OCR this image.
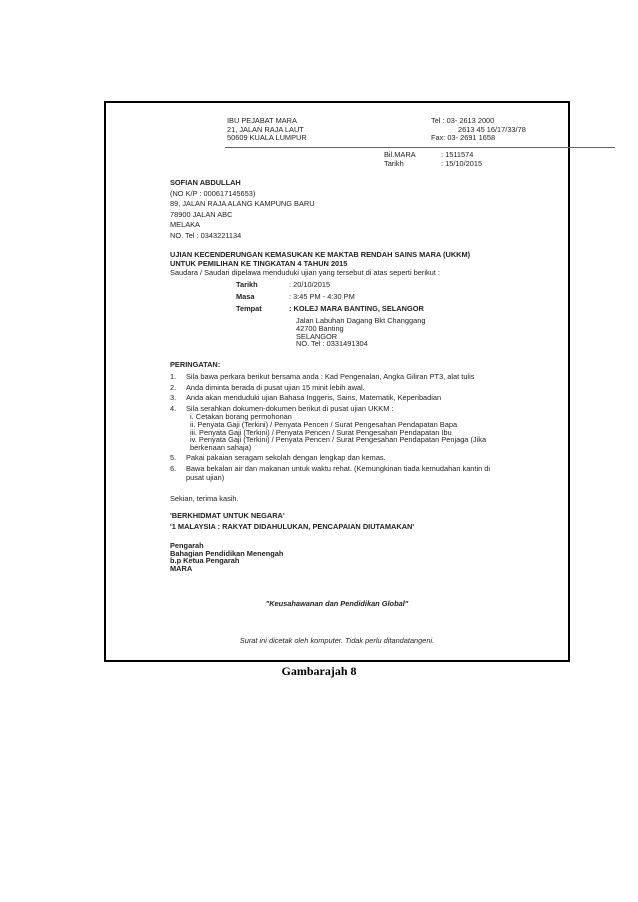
IBU PEJABAT MARA
21, JALAN RAJA LAUT
50609 KUALA LUMPUR
Tel : 03- 2613 2000
2613 45 16/17/33/78
Fax: 03- 2691 1658
Bil.MARA	: 1511574
Tarikh	: 15/10/2015
SOFIAN ABDULLAH
(NO K/P : 000617145653)
89, JALAN RAJA ALANG KAMPUNG BARU
78900 JALAN ABC
MELAKA
NO. Tel : 0343221134
UJIAN KECENDERUNGAN KEMASUKAN KE MAKTAB RENDAH SAINS MARA (UKKM)
UNTUK PEMILIHAN KE TINGKATAN 4 TAHUN 2015
Saudara / Saudari dipelawa menduduki ujian yang tersebut di atas seperti berikut :
Tarikh	: 20/10/2015
Masa	: 3:45 PM - 4:30 PM
Tempat	: KOLEJ MARA BANTING, SELANGOR
Jalan Labuhan Dagang Bkt Changgang
42700 Banting
SELANGOR
NO. Tel : 0331491304
PERINGATAN:
1.	Sila bawa perkara berikut bersama anda : Kad Pengenalan, Angka Giliran PT3, alat tulis
2.	Anda diminta berada di pusat ujian 15 minit lebih awal.
3.	Anda akan menduduki ujian Bahasa Inggeris, Sains, Matematik, Keperibadian
4.	Sila serahkan dokumen-dokumen berikut di pusat ujian UKKM :
i. Cetakan borang permohonan
ii. Penyata Gaji (Terkini) / Penyata Pencen / Surat Pengesahan Pendapatan Bapa
iii. Penyata Gaji (Terkini) / Penyata Pencen / Surat Pengesahan Pendapatan Ibu
iv. Penyata Gaji (Terkini) / Penyata Pencen / Surat Pengesahan Pendapatan Penjaga (Jika berkenaan sahaja)
5.	Pakai pakaian seragam sekolah dengan lengkap dan kemas.
6.	Bawa bekalan air dan makanan untuk waktu rehat. (Kemungkinan tiada kemudahan kantin di pusat ujian)
Sekian, terima kasih.
'BERKHIDMAT UNTUK NEGARA'
'1 MALAYSIA : RAKYAT DIDAHULUKAN, PENCAPAIAN DIUTAMAKAN'
Pengarah
Bahagian Pendidikan Menengah
b.p Ketua Pengarah
MARA
"Keusahawanan dan Pendidikan Global"
Surat ini dicetak oleh komputer. Tidak perlu ditandatangeni.
Gambarajah 8
